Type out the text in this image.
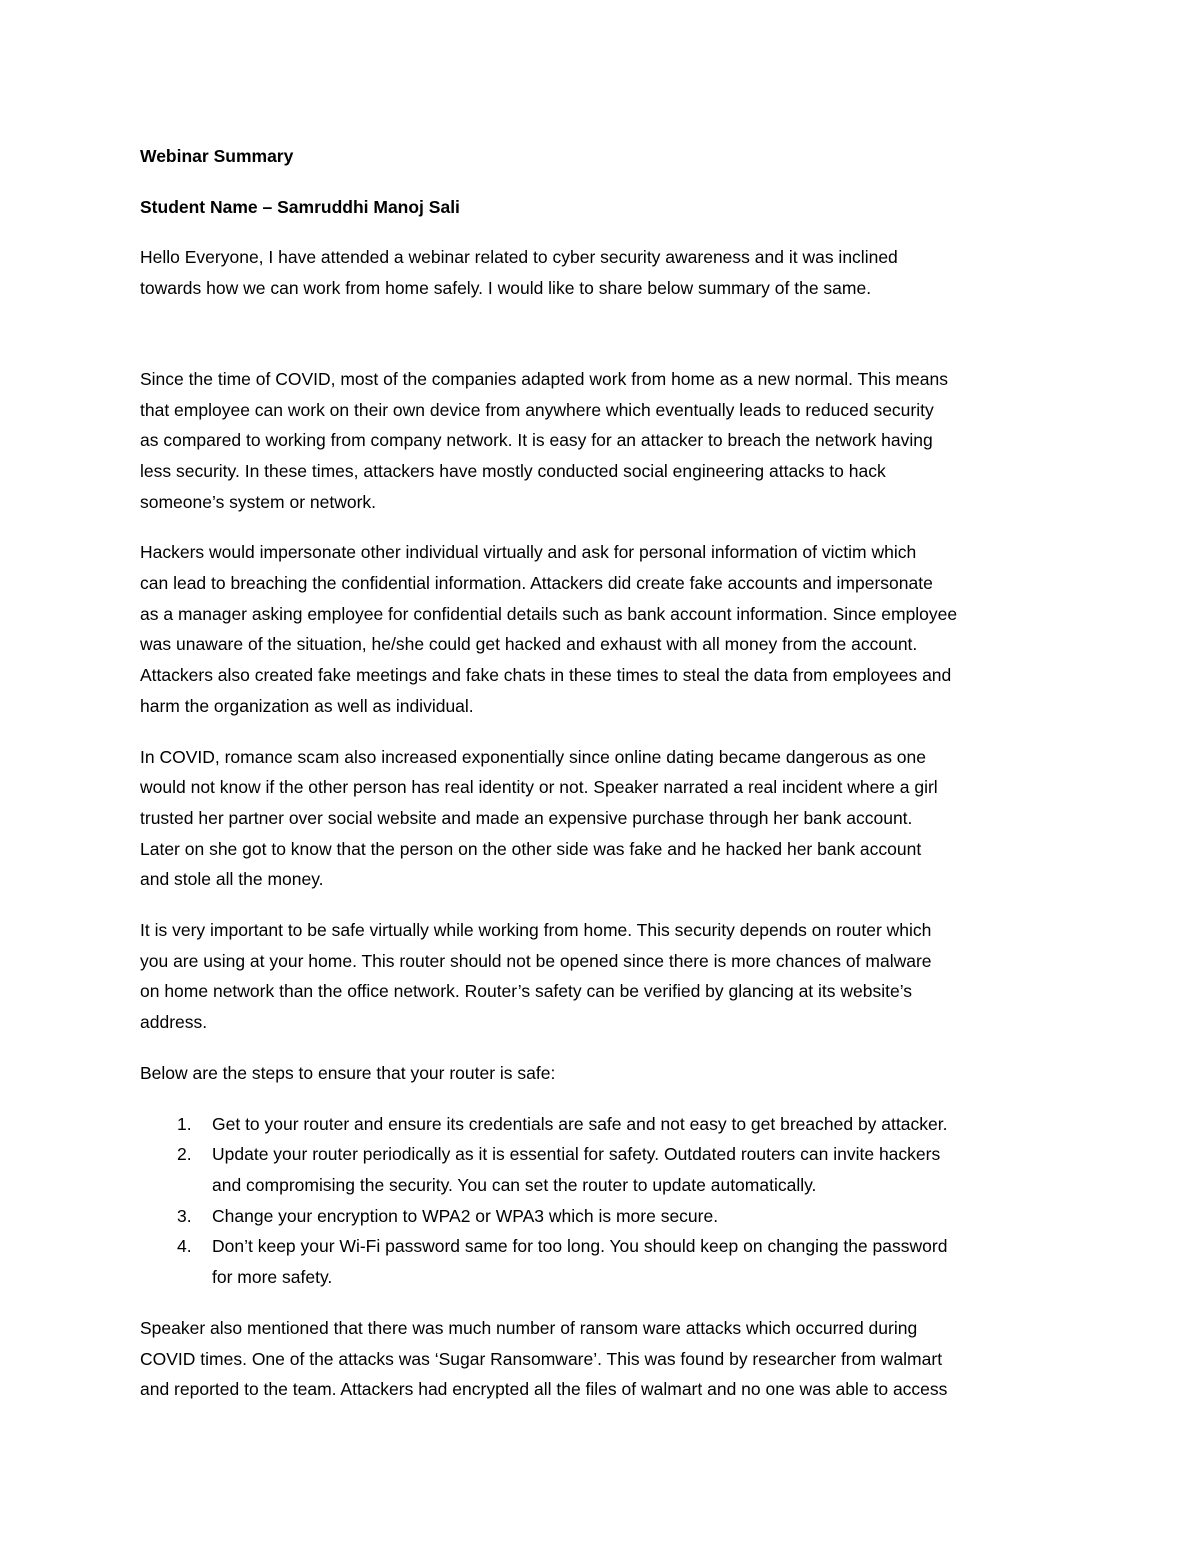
Webinar Summary

Student Name – Samruddhi Manoj Sali

Hello Everyone, I have attended a webinar related to cyber security awareness and it was inclined
towards how we can work from home safely. I would like to share below summary of the same.

Since the time of COVID, most of the companies adapted work from home as a new normal. This means
that employee can work on their own device from anywhere which eventually leads to reduced security
as compared to working from company network. It is easy for an attacker to breach the network having
less security. In these times, attackers have mostly conducted social engineering attacks to hack
someone’s system or network.

Hackers would impersonate other individual virtually and ask for personal information of victim which
can lead to breaching the confidential information. Attackers did create fake accounts and impersonate
as a manager asking employee for confidential details such as bank account information. Since employee
was unaware of the situation, he/she could get hacked and exhaust with all money from the account.
Attackers also created fake meetings and fake chats in these times to steal the data from employees and
harm the organization as well as individual.

In COVID, romance scam also increased exponentially since online dating became dangerous as one
would not know if the other person has real identity or not. Speaker narrated a real incident where a girl
trusted her partner over social website and made an expensive purchase through her bank account.
Later on she got to know that the person on the other side was fake and he hacked her bank account
and stole all the money.

It is very important to be safe virtually while working from home. This security depends on router which
you are using at your home. This router should not be opened since there is more chances of malware
on home network than the office network. Router’s safety can be verified by glancing at its website’s
address.

Below are the steps to ensure that your router is safe:

1. Get to your router and ensure its credentials are safe and not easy to get breached by attacker.
2. Update your router periodically as it is essential for safety. Outdated routers can invite hackers
and compromising the security. You can set the router to update automatically.
3. Change your encryption to WPA2 or WPA3 which is more secure.
4. Don’t keep your Wi-Fi password same for too long. You should keep on changing the password
for more safety.

Speaker also mentioned that there was much number of ransom ware attacks which occurred during
COVID times. One of the attacks was ‘Sugar Ransomware’. This was found by researcher from walmart
and reported to the team. Attackers had encrypted all the files of walmart and no one was able to access
